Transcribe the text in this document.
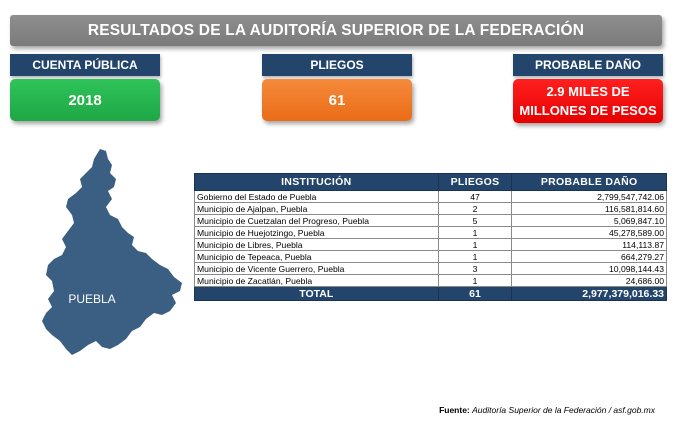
RESULTADOS DE LA AUDITORÍA SUPERIOR DE LA FEDERACIÓN
CUENTA PÚBLICA
2018
PLIEGOS
61
PROBABLE DAÑO
2.9 MILES DE
MILLONES DE PESOS
PUEBLA
INSTITUCIÓN	PLIEGOS	PROBABLE DAÑO
Gobierno del Estado de Puebla	47	2,799,547,742.06
Municipio de Ajalpan, Puebla	2	116,581,814.60
Municipio de Cuetzalan del Progreso, Puebla	5	5,069,847.10
Municipio de Huejotzingo, Puebla	1	45,278,589.00
Municipio de Libres, Puebla	1	114,113.87
Municipio de Tepeaca, Puebla	1	664,279.27
Municipio de Vicente Guerrero, Puebla	3	10,098,144.43
Municipio de Zacatlán, Puebla	1	24,686.00
TOTAL	61	2,977,379,016.33
Fuente: Auditoría Superior de la Federación / asf.gob.mx
